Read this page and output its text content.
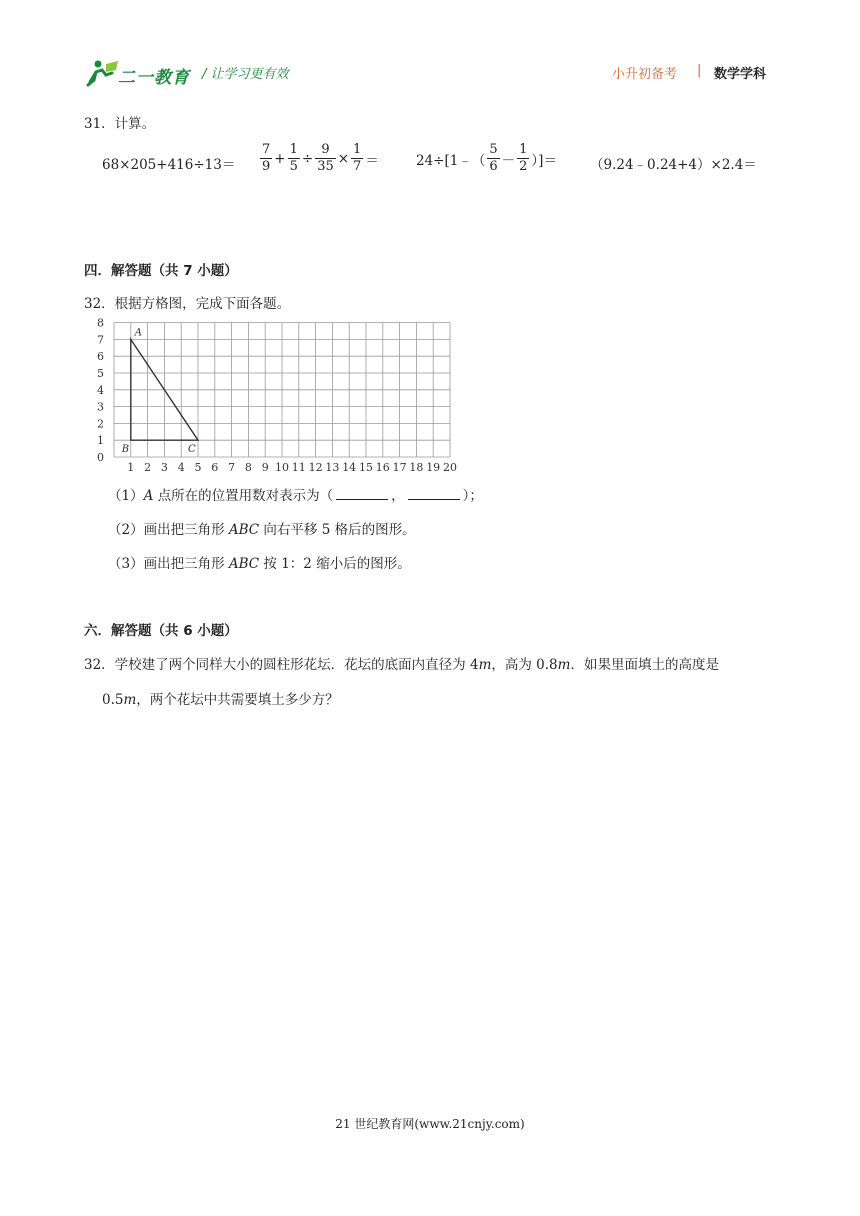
二一教育 / 让学习更有效	小升初备考 | 数学学科
31．计算。
$68\times 205+416\div 13= \frac{7}{9} + \frac{1}{5} \div \frac{9}{35} \times \frac{1}{7}$ ＝	24÷[1﹣（ $\frac{5}{6} - \frac{1}{2}$ ）]＝ （9.24﹣0.24+4）×2.4＝
四．解答题（共 7 小题）
32．根据方格图，完成下面各题。
1 2 3 4 5 6 7 8 9 10 11 12 13 14 15 16 17 18 19 20
0
1
2
3
4
5
6
7
8
A
B	C
（1）A 点所在的位置用数对表示为（	，	）；
（2）画出把三角形 ABC 向右平移 5 格后的图形。
（3）画出把三角形 ABC 按 1：2 缩小后的图形。
六．解答题（共 6 小题）
32．学校建了两个同样大小的圆柱形花坛．花坛的底面内直径为 4m，高为 0.8m．如果里面填土的高度是
0.5m，两个花坛中共需要填土多少方？
21 世纪教育网(www.21cnjy.com)
